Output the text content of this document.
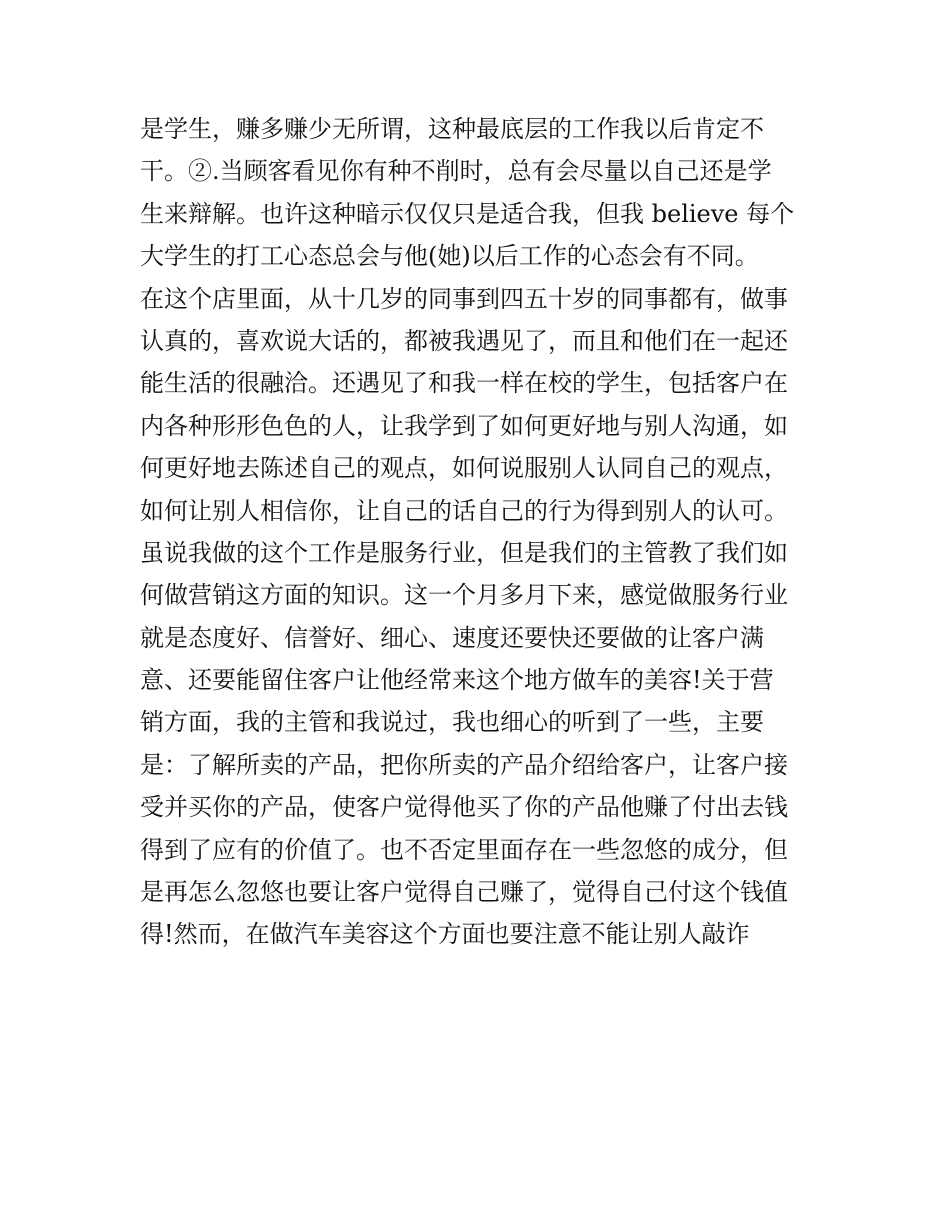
是学生，赚多赚少无所谓，这种最底层的工作我以后肯定不
干。②.当顾客看见你有种不削时，总有会尽量以自己还是学
生来辩解。也许这种暗示仅仅只是适合我，但我 believe 每个
大学生的打工心态总会与他(她)以后工作的心态会有不同。
在这个店里面，从十几岁的同事到四五十岁的同事都有，做事
认真的，喜欢说大话的，都被我遇见了，而且和他们在一起还
能生活的很融洽。还遇见了和我一样在校的学生，包括客户在
内各种形形色色的人，让我学到了如何更好地与别人沟通，如
何更好地去陈述自己的观点，如何说服别人认同自己的观点，
如何让别人相信你，让自己的话自己的行为得到别人的认可。
虽说我做的这个工作是服务行业，但是我们的主管教了我们如
何做营销这方面的知识。这一个月多月下来，感觉做服务行业
就是态度好、信誉好、细心、速度还要快还要做的让客户满
意、还要能留住客户让他经常来这个地方做车的美容!关于营
销方面，我的主管和我说过，我也细心的听到了一些，主要
是：了解所卖的产品，把你所卖的产品介绍给客户，让客户接
受并买你的产品，使客户觉得他买了你的产品他赚了付出去钱
得到了应有的价值了。也不否定里面存在一些忽悠的成分，但
是再怎么忽悠也要让客户觉得自己赚了，觉得自己付这个钱值
得!然而，在做汽车美容这个方面也要注意不能让别人敲诈
